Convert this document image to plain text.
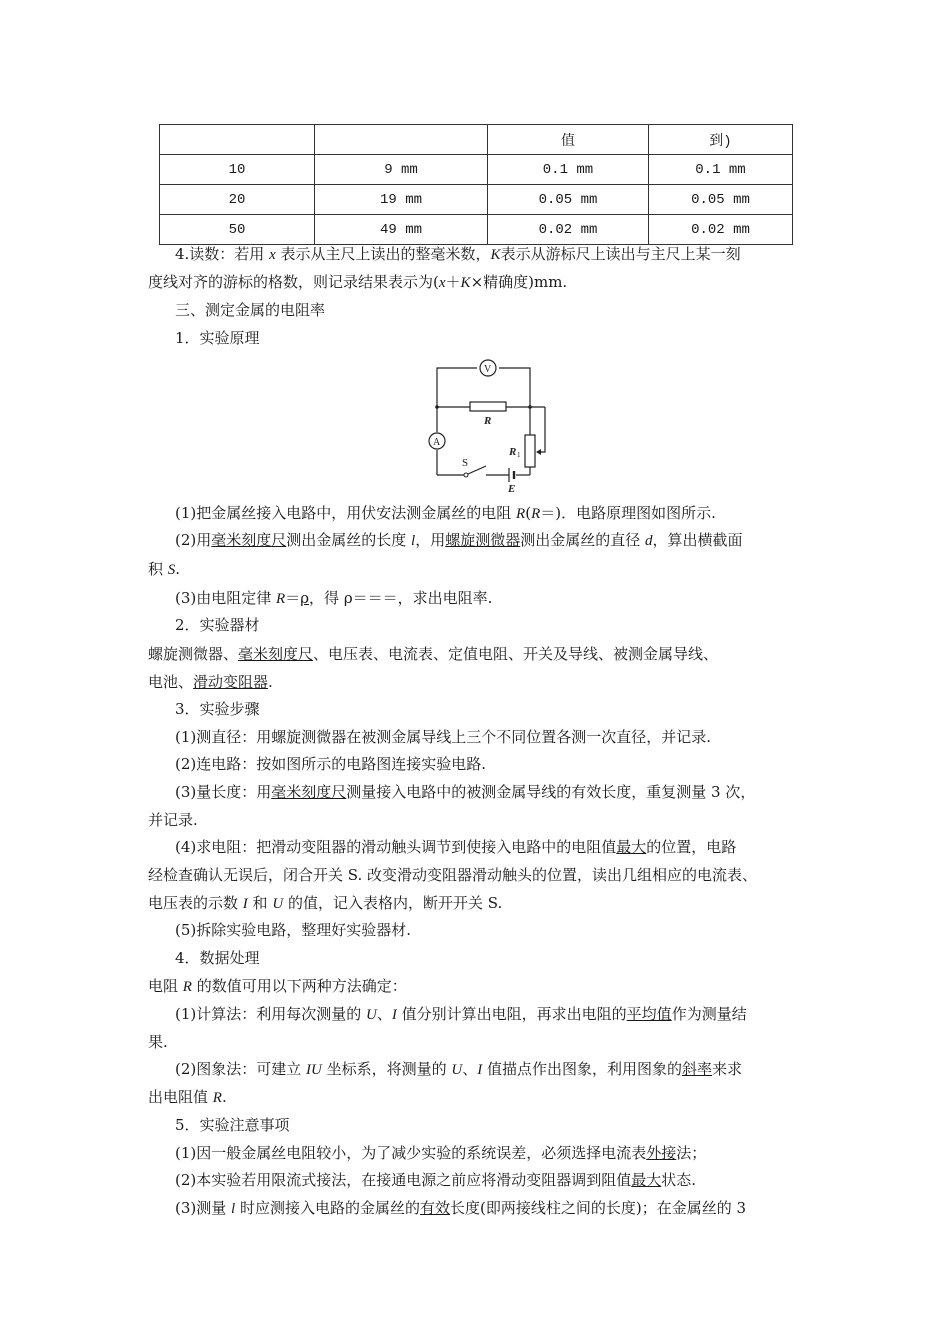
		值	到)
10	9 mm	0.1 mm	0.1 mm
20	19 mm	0.05 mm	0.05 mm
50	49 mm	0.02 mm	0.02 mm
4.读数：若用 x 表示从主尺上读出的整毫米数，K表示从游标尺上读出与主尺上某一刻
度线对齐的游标的格数，则记录结果表示为(x＋K×精确度)mm.
三、测定金属的电阻率
1．实验原理
(1)把金属丝接入电路中，用伏安法测金属丝的电阻 R(R＝)．电路原理图如图所示.
(2)用毫米刻度尺测出金属丝的长度 l，用螺旋测微器测出金属丝的直径 d，算出横截面
积 S.
(3)由电阻定律 R＝ρ，得 ρ＝＝＝，求出电阻率.
2．实验器材
螺旋测微器、毫米刻度尺、电压表、电流表、定值电阻、开关及导线、被测金属导线、
电池、滑动变阻器.
3．实验步骤
(1)测直径：用螺旋测微器在被测金属导线上三个不同位置各测一次直径，并记录.
(2)连电路：按如图所示的电路图连接实验电路.
(3)量长度：用毫米刻度尺测量接入电路中的被测金属导线的有效长度，重复测量 3 次，
并记录.
(4)求电阻：把滑动变阻器的滑动触头调节到使接入电路中的电阻值最大的位置，电路
经检查确认无误后，闭合开关 S. 改变滑动变阻器滑动触头的位置，读出几组相应的电流表、
电压表的示数 I 和 U 的值，记入表格内，断开开关 S.
(5)拆除实验电路，整理好实验器材.
4．数据处理
电阻 R 的数值可用以下两种方法确定：
(1)计算法：利用每次测量的 U、I 值分别计算出电阻，再求出电阻的平均值作为测量结
果.
(2)图象法：可建立 IU 坐标系，将测量的 U、I 值描点作出图象，利用图象的斜率来求
出电阻值 R.
5．实验注意事项
(1)因一般金属丝电阻较小，为了减少实验的系统误差，必须选择电流表外接法；
(2)本实验若用限流式接法，在接通电源之前应将滑动变阻器调到阻值最大状态.
(3)测量 l 时应测接入电路的金属丝的有效长度(即两接线柱之间的长度)；在金属丝的 3
V
A
R
R 1
S
E
